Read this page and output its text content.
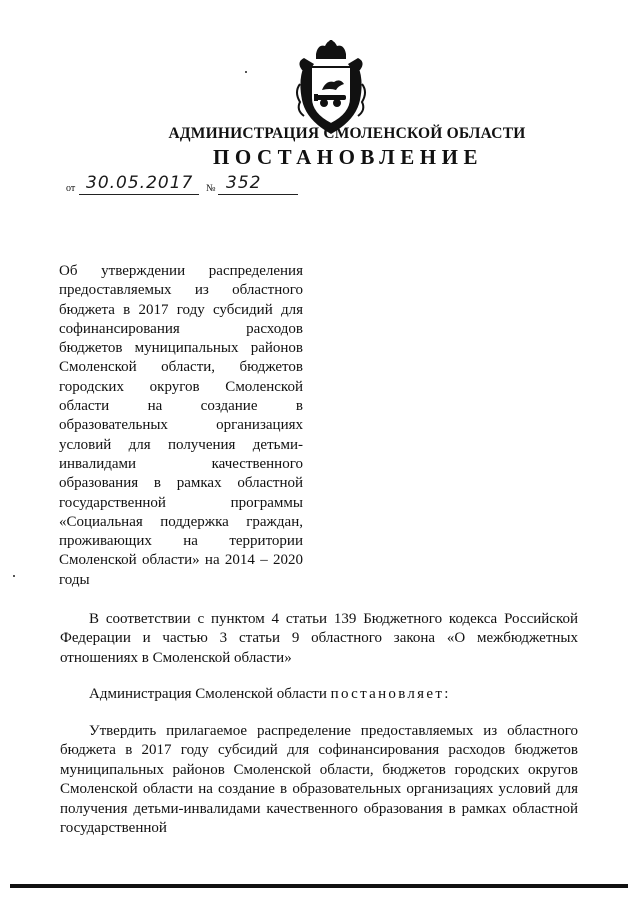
АДМИНИСТРАЦИЯ СМОЛЕНСКОЙ ОБЛАСТИ
ПОСТАНОВЛЕНИЕ
от 30.05.2017 № 352
Об утверждении распределения
предоставляемых из областного
бюджета в 2017 году субсидий для
софинансирования расходов
бюджетов муниципальных районов
Смоленской области, бюджетов
городских округов Смоленской
области на создание в
образовательных организациях
условий для получения детьми-
инвалидами качественного
образования в рамках областной
государственной программы
«Социальная поддержка граждан,
проживающих на территории
Смоленской области» на 2014 – 2020
годы
В соответствии с пунктом 4 статьи 139 Бюджетного кодекса Российской Федерации и частью 3 статьи 9 областного закона «О межбюджетных отношениях в Смоленской области»
Администрация Смоленской области постановляет:
Утвердить прилагаемое распределение предоставляемых из областного бюджета в 2017 году субсидий для софинансирования расходов бюджетов муниципальных районов Смоленской области, бюджетов городских округов Смоленской области на создание в образовательных организациях условий для получения детьми-инвалидами качественного образования в рамках областной государственной
